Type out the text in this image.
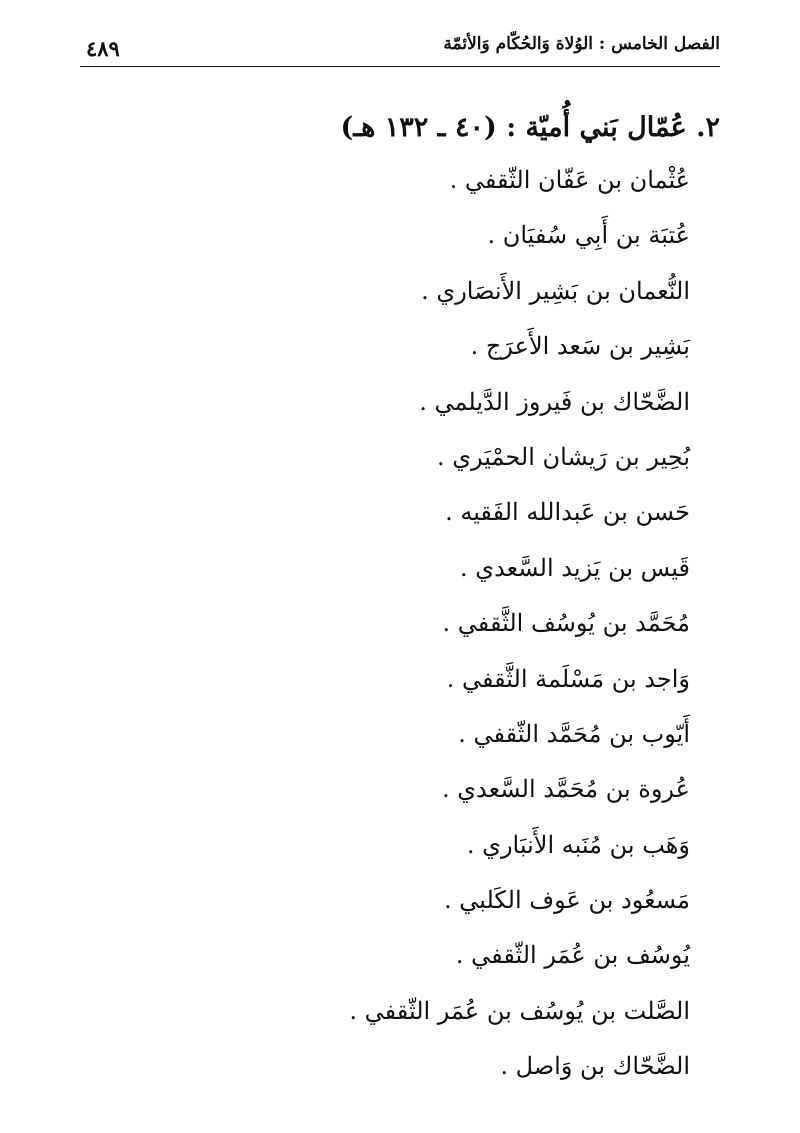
الفصل الخامس : الوُلاة وَالحُكّام وَالأئمّة
٤٨٩
٢. عُمّال بَني أُميّة : (٤٠ ـ ١٣٢ هـ)
عُثْمان بن عَفّان الثّقفي .
عُتبَة بن أَبِي سُفيَان .
النُّعمان بن بَشِير الأَنصَاري .
بَشِير بن سَعد الأَعرَج .
الضَّحّاك بن فَيروز الدَّيلمي .
بُحِير بن رَيشان الحمْيَري .
حَسن بن عَبدالله الفَقيه .
قَيس بن يَزيد السَّعدي .
مُحَمَّد بن يُوسُف الثَّقفي .
وَاجد بن مَسْلَمة الثَّقفي .
أَيّوب بن مُحَمَّد الثّقفي .
عُروة بن مُحَمَّد السَّعدي .
وَهَب بن مُنَبه الأَنبَاري .
مَسعُود بن عَوف الكَلبي .
يُوسُف بن عُمَر الثّقفي .
الصَّلت بن يُوسُف بن عُمَر الثّقفي .
الضَّحّاك بن وَاصل .
